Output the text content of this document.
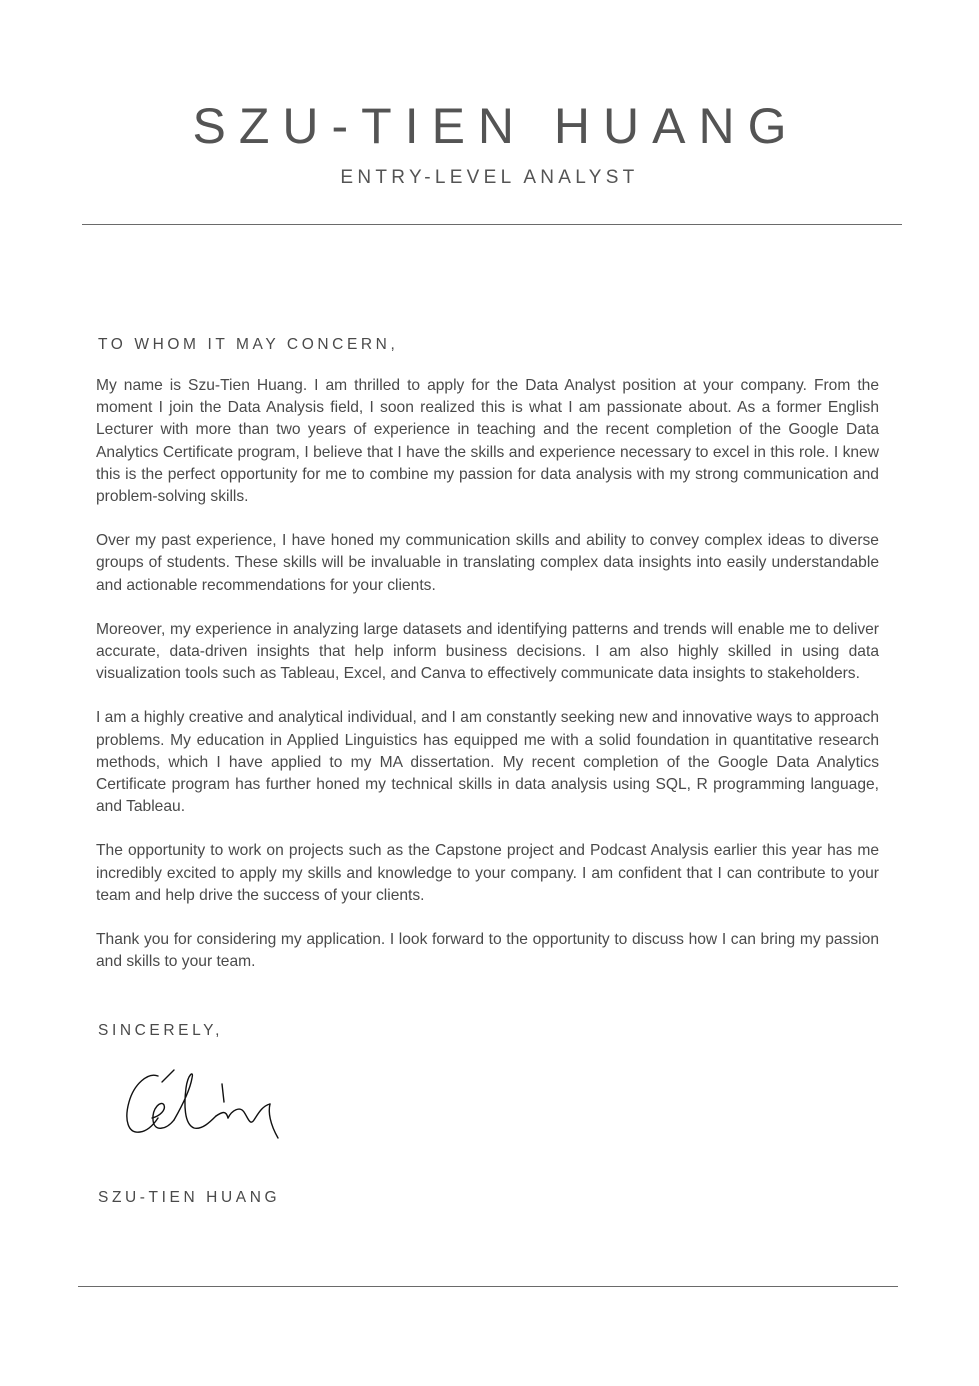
SZU-TIEN HUANG
ENTRY-LEVEL ANALYST
TO WHOM IT MAY CONCERN,

My name is Szu-Tien Huang. I am thrilled to apply for the Data Analyst position at your company. From the moment I join the Data Analysis field, I soon realized this is what I am passionate about. As a former English Lecturer with more than two years of experience in teaching and the recent completion of the Google Data Analytics Certificate program, I believe that I have the skills and experience necessary to excel in this role. I knew this is the perfect opportunity for me to combine my passion for data analysis with my strong communication and problem-solving skills.

Over my past experience, I have honed my communication skills and ability to convey complex ideas to diverse groups of students. These skills will be invaluable in translating complex data insights into easily understandable and actionable recommendations for your clients.

Moreover, my experience in analyzing large datasets and identifying patterns and trends will enable me to deliver accurate, data-driven insights that help inform business decisions. I am also highly skilled in using data visualization tools such as Tableau, Excel, and Canva to effectively communicate data insights to stakeholders.

I am a highly creative and analytical individual, and I am constantly seeking new and innovative ways to approach problems. My education in Applied Linguistics has equipped me with a solid foundation in quantitative research methods, which I have applied to my MA dissertation. My recent completion of the Google Data Analytics Certificate program has further honed my technical skills in data analysis using SQL, R programming language, and Tableau.

The opportunity to work on projects such as the Capstone project and Podcast Analysis earlier this year has me incredibly excited to apply my skills and knowledge to your company. I am confident that I can contribute to your team and help drive the success of your clients.

Thank you for considering my application. I look forward to the opportunity to discuss how I can bring my passion and skills to your team.

SINCERELY,
SZU-TIEN HUANG
